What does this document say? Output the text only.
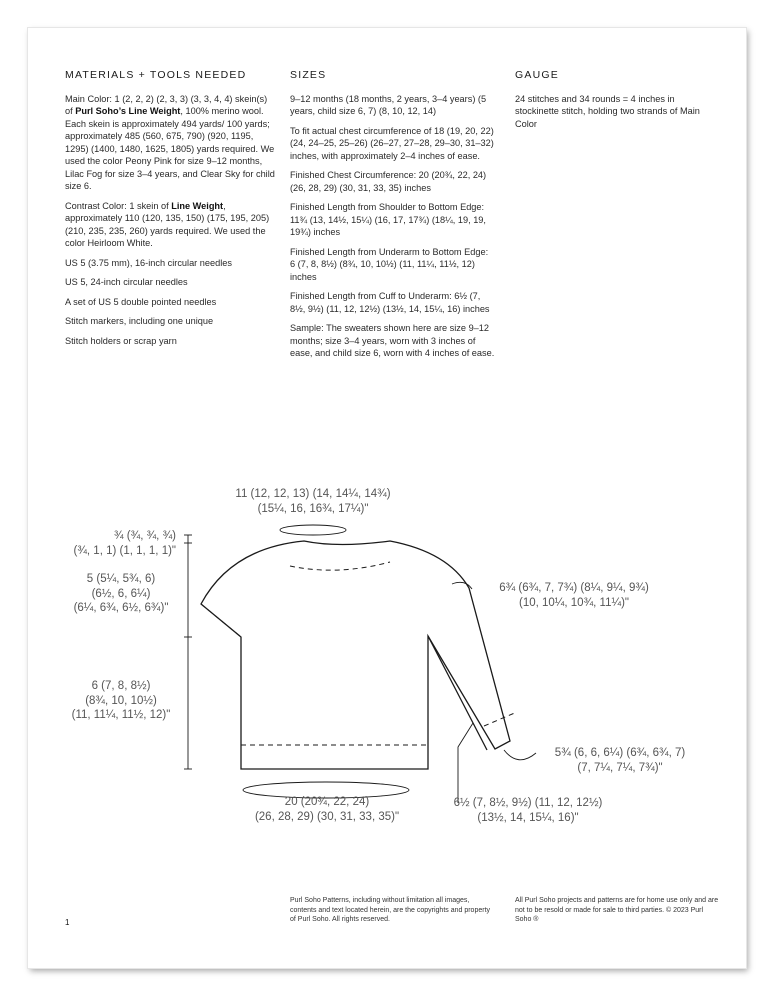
MATERIALS + TOOLS NEEDED

Main Color: 1 (2, 2, 2) (2, 3, 3) (3, 3, 4, 4) skein(s) of Purl Soho’s Line Weight, 100% merino wool. Each skein is approximately 494 yards/ 100 yards; approximately 485 (560, 675, 790) (920, 1195, 1295) (1400, 1480, 1625, 1805) yards required. We used the color Peony Pink for size 9–12 months, Lilac Fog for size 3–4 years, and Clear Sky for child size 6.

Contrast Color: 1 skein of Line Weight, approximately 110 (120, 135, 150) (175, 195, 205) (210, 235, 235, 260) yards required. We used the color Heirloom White.

US 5 (3.75 mm), 16-inch circular needles

US 5, 24-inch circular needles

A set of US 5 double pointed needles

Stitch markers, including one unique

Stitch holders or scrap yarn

SIZES

9–12 months (18 months, 2 years, 3–4 years) (5 years, child size 6, 7) (8, 10, 12, 14)

To fit actual chest circumference of 18 (19, 20, 22) (24, 24–25, 25–26) (26–27, 27–28, 29–30, 31–32) inches, with approximately 2–4 inches of ease.

Finished Chest Circumference: 20 (20¾, 22, 24) (26, 28, 29) (30, 31, 33, 35) inches

Finished Length from Shoulder to Bottom Edge: 11¾ (13, 14½, 15¼) (16, 17, 17¾) (18¼, 19, 19, 19¾) inches

Finished Length from Underarm to Bottom Edge: 6 (7, 8, 8½) (8¾, 10, 10½) (11, 11¼, 11½, 12) inches

Finished Length from Cuff to Underarm: 6½ (7, 8½, 9½) (11, 12, 12½) (13½, 14, 15¼, 16) inches

Sample: The sweaters shown here are size 9–12 months; size 3–4 years, worn with 3 inches of ease, and child size 6, worn with 4 inches of ease.

GAUGE

24 stitches and 34 rounds = 4 inches in stockinette stitch, holding two strands of Main Color

11 (12, 12, 13) (14, 14¼, 14¾)
(15¼, 16, 16¾, 17¼)"
¾ (¾, ¾, ¾)
(¾, 1, 1) (1, 1, 1, 1)"
5 (5¼, 5¾, 6)
(6½, 6, 6¼)
(6¼, 6¾, 6½, 6¾)"
6 (7, 8, 8½)
(8¾, 10, 10½)
(11, 11¼, 11½, 12)"
6¾ (6¾, 7, 7¾) (8¼, 9¼, 9¾)
(10, 10¼, 10¾, 11¼)"
5¾ (6, 6, 6¼) (6¾, 6¾, 7)
(7, 7¼, 7¼, 7¾)"
20 (20¾, 22, 24)
(26, 28, 29) (30, 31, 33, 35)"
6½ (7, 8½, 9½) (11, 12, 12½)
(13½, 14, 15¼, 16)"
Purl Soho Patterns, including without limitation all images, contents and text located herein, are the copyrights and property of Purl Soho. All rights reserved.
All Purl Soho projects and patterns are for home use only and are not to be resold or made for sale to third parties. © 2023 Purl Soho ®
1
